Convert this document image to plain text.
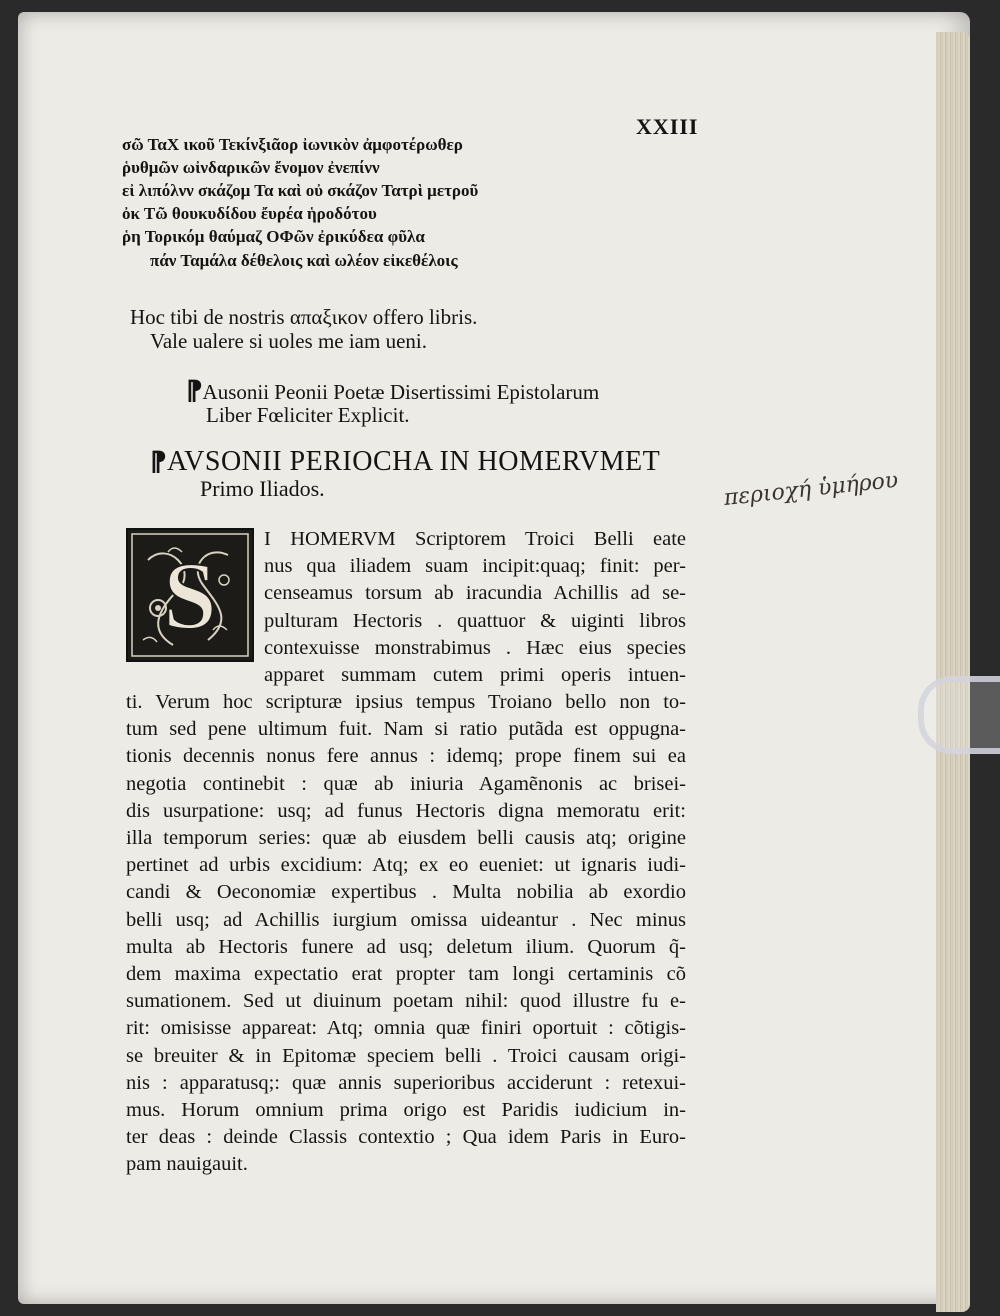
XXIII
σῶ ΤαΧ ικοῦ Τεκίνξιᾶορ ἰωνικὸν ἀμφοτέρωθερ
ῥυθμῶν ωἰνδαρικῶν ἔνομον ἐνεπίνν
εἰ λιπόλνν σκάζομ Τα καὶ οὐ σκάζον Τατρὶ μετροῦ
ὀκ Τῶ θουκυδίδου ἔυρέα ἡροδότου
ῥη Τορικόμ θαύμαζ ΟΦῶν ἐρικύδεα φῦλα
πάν Ταμάλα δέθελοις καὶ ωλέον εἰκεθέλοις
Hoc tibi de nostris απαξικον offero libris.
Vale ualere si uoles me iam ueni.
⁋Ausonii Peonii Poetæ Disertissimi Epistolarum
Liber Fœliciter Explicit.
⁋AVSONII PERIOCHA IN HOMERVMET
Primo Iliados.
S
I HOMERVM Scriptorem Troici Belli eate
nus qua iliadem suam incipit:quaq; finit: per-
censeamus torsum ab iracundia Achillis ad se-
pulturam Hectoris . quattuor & uiginti libros
contexuisse monstrabimus . Hæc eius species
apparet summam cutem primi operis intuen-
ti. Verum hoc scripturæ ipsius tempus Troiano bello non to-
tum sed pene ultimum fuit. Nam si ratio putãda est oppugna-
tionis decennis nonus fere annus : idemq; prope finem sui ea
negotia continebit : quæ ab iniuria Agamẽnonis ac brisei-
dis usurpatione: usq; ad funus Hectoris digna memoratu erit:
illa temporum series: quæ ab eiusdem belli causis atq; origine
pertinet ad urbis excidium: Atq; ex eo eueniet: ut ignaris iudi-
candi & Oeconomiæ expertibus . Multa nobilia ab exordio
belli usq; ad Achillis iurgium omissa uideantur . Nec minus
multa ab Hectoris funere ad usq; deletum ilium. Quorum q̃-
dem maxima expectatio erat propter tam longi certaminis cõ
sumationem. Sed ut diuinum poetam nihil: quod illustre fu e-
rit: omisisse appareat: Atq; omnia quæ finiri oportuit : cõtigis-
se breuiter & in Epitomæ speciem belli . Troici causam origi-
nis : apparatusq;: quæ annis superioribus acciderunt : retexui-
mus. Horum omnium prima origo est Paridis iudicium in-
ter deas : deinde Classis contextio ; Qua idem Paris in Euro-
pam nauigauit.
περιοχή ὑμήρου
